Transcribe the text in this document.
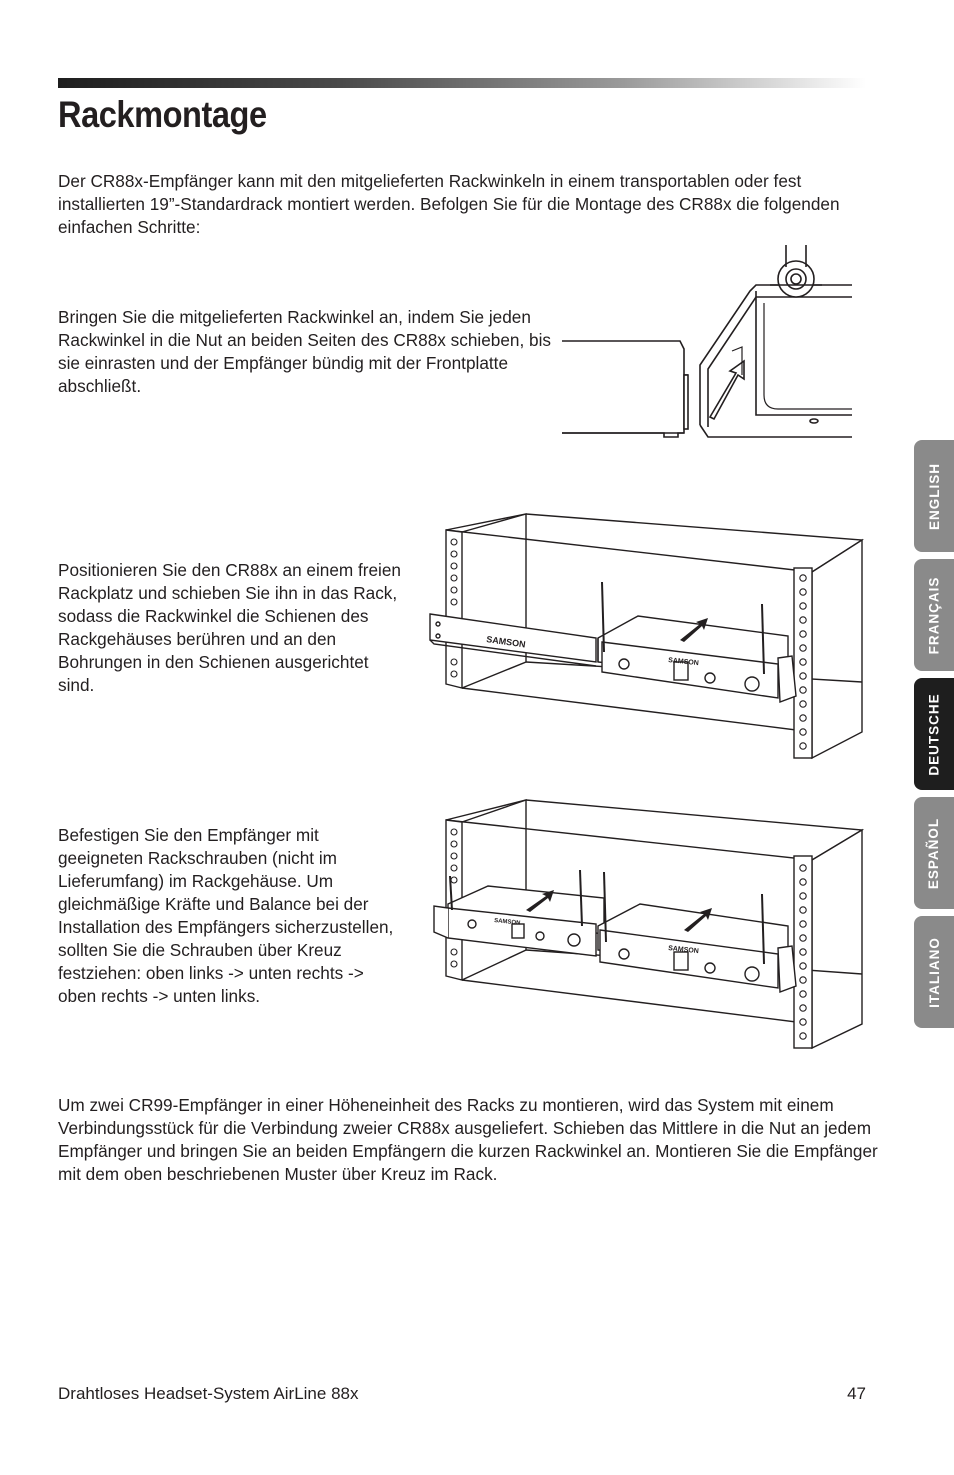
Rackmontage

Der CR88x-Empfänger kann mit den mitgelieferten Rackwinkeln in einem transportablen oder fest installierten 19”-Standardrack montiert werden. Befolgen Sie für die Montage des CR88x die folgenden einfachen Schritte:

Bringen Sie die mitgelieferten Rackwinkel an, indem Sie jeden Rackwinkel in die Nut an beiden Seiten des CR88x schieben, bis sie einrasten und der Empfänger bündig mit der Frontplatte abschließt.

Positionieren Sie den CR88x an einem freien Rackplatz und schieben Sie ihn in das Rack, sodass die Rackwinkel die Schienen des Rackgehäuses berühren und an den Bohrungen in den Schienen ausgerichtet sind.

SAMSON
SAMSON

Befestigen Sie den Empfänger mit geeigneten Rackschrauben (nicht im Lieferumfang) im Rackgehäuse. Um gleichmäßige Kräfte und Balance bei der Installation des Empfängers sicherzustellen, sollten Sie die Schrauben über Kreuz festziehen: oben links -> unten rechts -> oben rechts -> unten links.

SAMSON
SAMSON

Um zwei CR99-Empfänger in einer Höheneinheit des Racks zu montieren, wird das System mit einem Verbindungsstück für die Verbindung zweier CR88x ausgeliefert. Schieben das Mittlere in die Nut an jedem Empfänger und bringen Sie an beiden Empfängern die kurzen Rackwinkel an. Montieren Sie die Empfänger mit dem oben beschriebenen Muster über Kreuz im Rack.

ENGLISH
FRANÇAIS
DEUTSCHE
ESPAÑOL
ITALIANO

Drahtloses Headset-System AirLine 88x	47
